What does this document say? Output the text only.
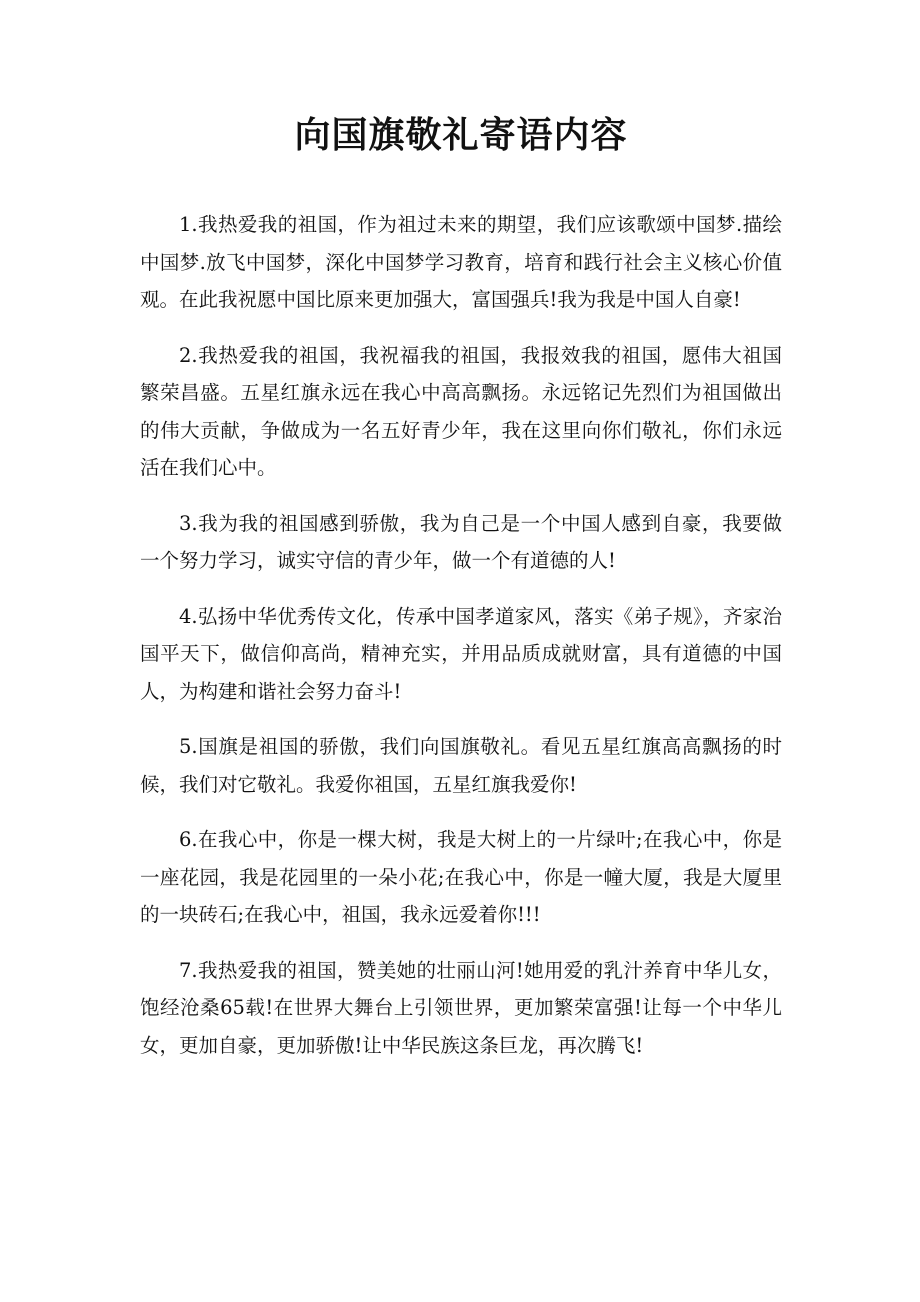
向国旗敬礼寄语内容

1.我热爱我的祖国，作为祖过未来的期望，我们应该歌颂中国梦.描绘中国梦.放飞中国梦，深化中国梦学习教育，培育和践行社会主义核心价值观。在此我祝愿中国比原来更加强大，富国强兵!我为我是中国人自豪!

2.我热爱我的祖国，我祝福我的祖国，我报效我的祖国，愿伟大祖国繁荣昌盛。五星红旗永远在我心中高高飘扬。永远铭记先烈们为祖国做出的伟大贡献，争做成为一名五好青少年，我在这里向你们敬礼，你们永远活在我们心中。

3.我为我的祖国感到骄傲，我为自己是一个中国人感到自豪，我要做一个努力学习，诚实守信的青少年，做一个有道德的人!

4.弘扬中华优秀传文化，传承中国孝道家风，落实《弟子规》，齐家治国平天下，做信仰高尚，精神充实，并用品质成就财富，具有道德的中国人，为构建和谐社会努力奋斗!

5.国旗是祖国的骄傲，我们向国旗敬礼。看见五星红旗高高飘扬的时候，我们对它敬礼。我爱你祖国，五星红旗我爱你!

6.在我心中，你是一棵大树，我是大树上的一片绿叶;在我心中，你是一座花园，我是花园里的一朵小花;在我心中，你是一幢大厦，我是大厦里的一块砖石;在我心中，祖国，我永远爱着你!!!

7.我热爱我的祖国，赞美她的壮丽山河!她用爱的乳汁养育中华儿女，饱经沧桑65载!在世界大舞台上引领世界，更加繁荣富强!让每一个中华儿女，更加自豪，更加骄傲!让中华民族这条巨龙，再次腾飞!
